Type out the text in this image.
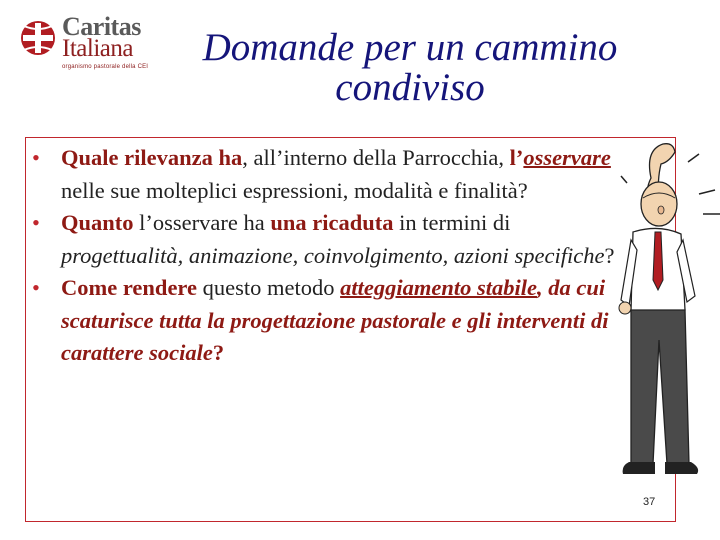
Caritas
Italiana
organismo pastorale della CEI	Domande per un cammino condiviso
• Quale rilevanza ha, all’interno della Parrocchia, l’osservare nelle sue molteplici espressioni, modalità e finalità?
• Quanto l’osservare ha una ricaduta in termini di progettualità, animazione, coinvolgimento, azioni specifiche?
• Come rendere questo metodo atteggiamento stabile, da cui scaturisce tutta la progettazione pastorale e gli interventi di carattere sociale?
37
